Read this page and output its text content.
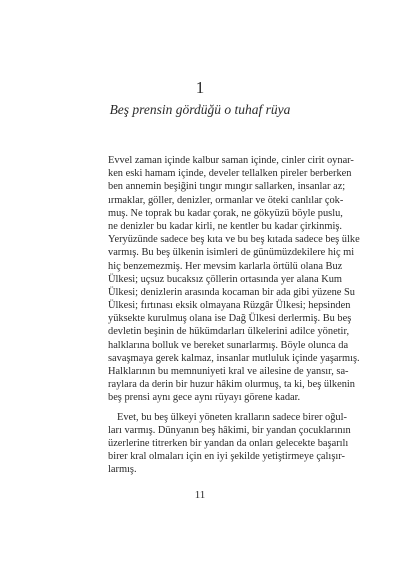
1
Beş prensin gördüğü o tuhaf rüya
Evvel zaman içinde kalbur saman içinde, cinler cirit oynar-
ken eski hamam içinde, develer tellalken pireler berberken
ben annemin beşiğini tıngır mıngır sallarken, insanlar az;
ırmaklar, göller, denizler, ormanlar ve öteki canlılar çok-
muş. Ne toprak bu kadar çorak, ne gökyüzü böyle puslu,
ne denizler bu kadar kirli, ne kentler bu kadar çirkinmiş.
Yeryüzünde sadece beş kıta ve bu beş kıtada sadece beş ülke
varmış. Bu beş ülkenin isimleri de günümüzdekilere hiç mi
hiç benzemezmiş. Her mevsim karlarla örtülü olana Buz
Ülkesi; uçsuz bucaksız çöllerin ortasında yer alana Kum
Ülkesi; denizlerin arasında kocaman bir ada gibi yüzene Su
Ülkesi; fırtınası eksik olmayana Rüzgâr Ülkesi; hepsinden
yüksekte kurulmuş olana ise Dağ Ülkesi derlermiş. Bu beş
devletin beşinin de hükümdarları ülkelerini adilce yönetir,
halklarına bolluk ve bereket sunarlarmış. Böyle olunca da
savaşmaya gerek kalmaz, insanlar mutluluk içinde yaşarmış.
Halklarının bu memnuniyeti kral ve ailesine de yansır, sa-
raylara da derin bir huzur hâkim olurmuş, ta ki, beş ülkenin
beş prensi aynı gece aynı rüyayı görene kadar.
Evet, bu beş ülkeyi yöneten kralların sadece birer oğul-
ları varmış. Dünyanın beş hâkimi, bir yandan çocuklarının
üzerlerine titrerken bir yandan da onları gelecekte başarılı
birer kral olmaları için en iyi şekilde yetiştirmeye çalışır-
larmış.
11
